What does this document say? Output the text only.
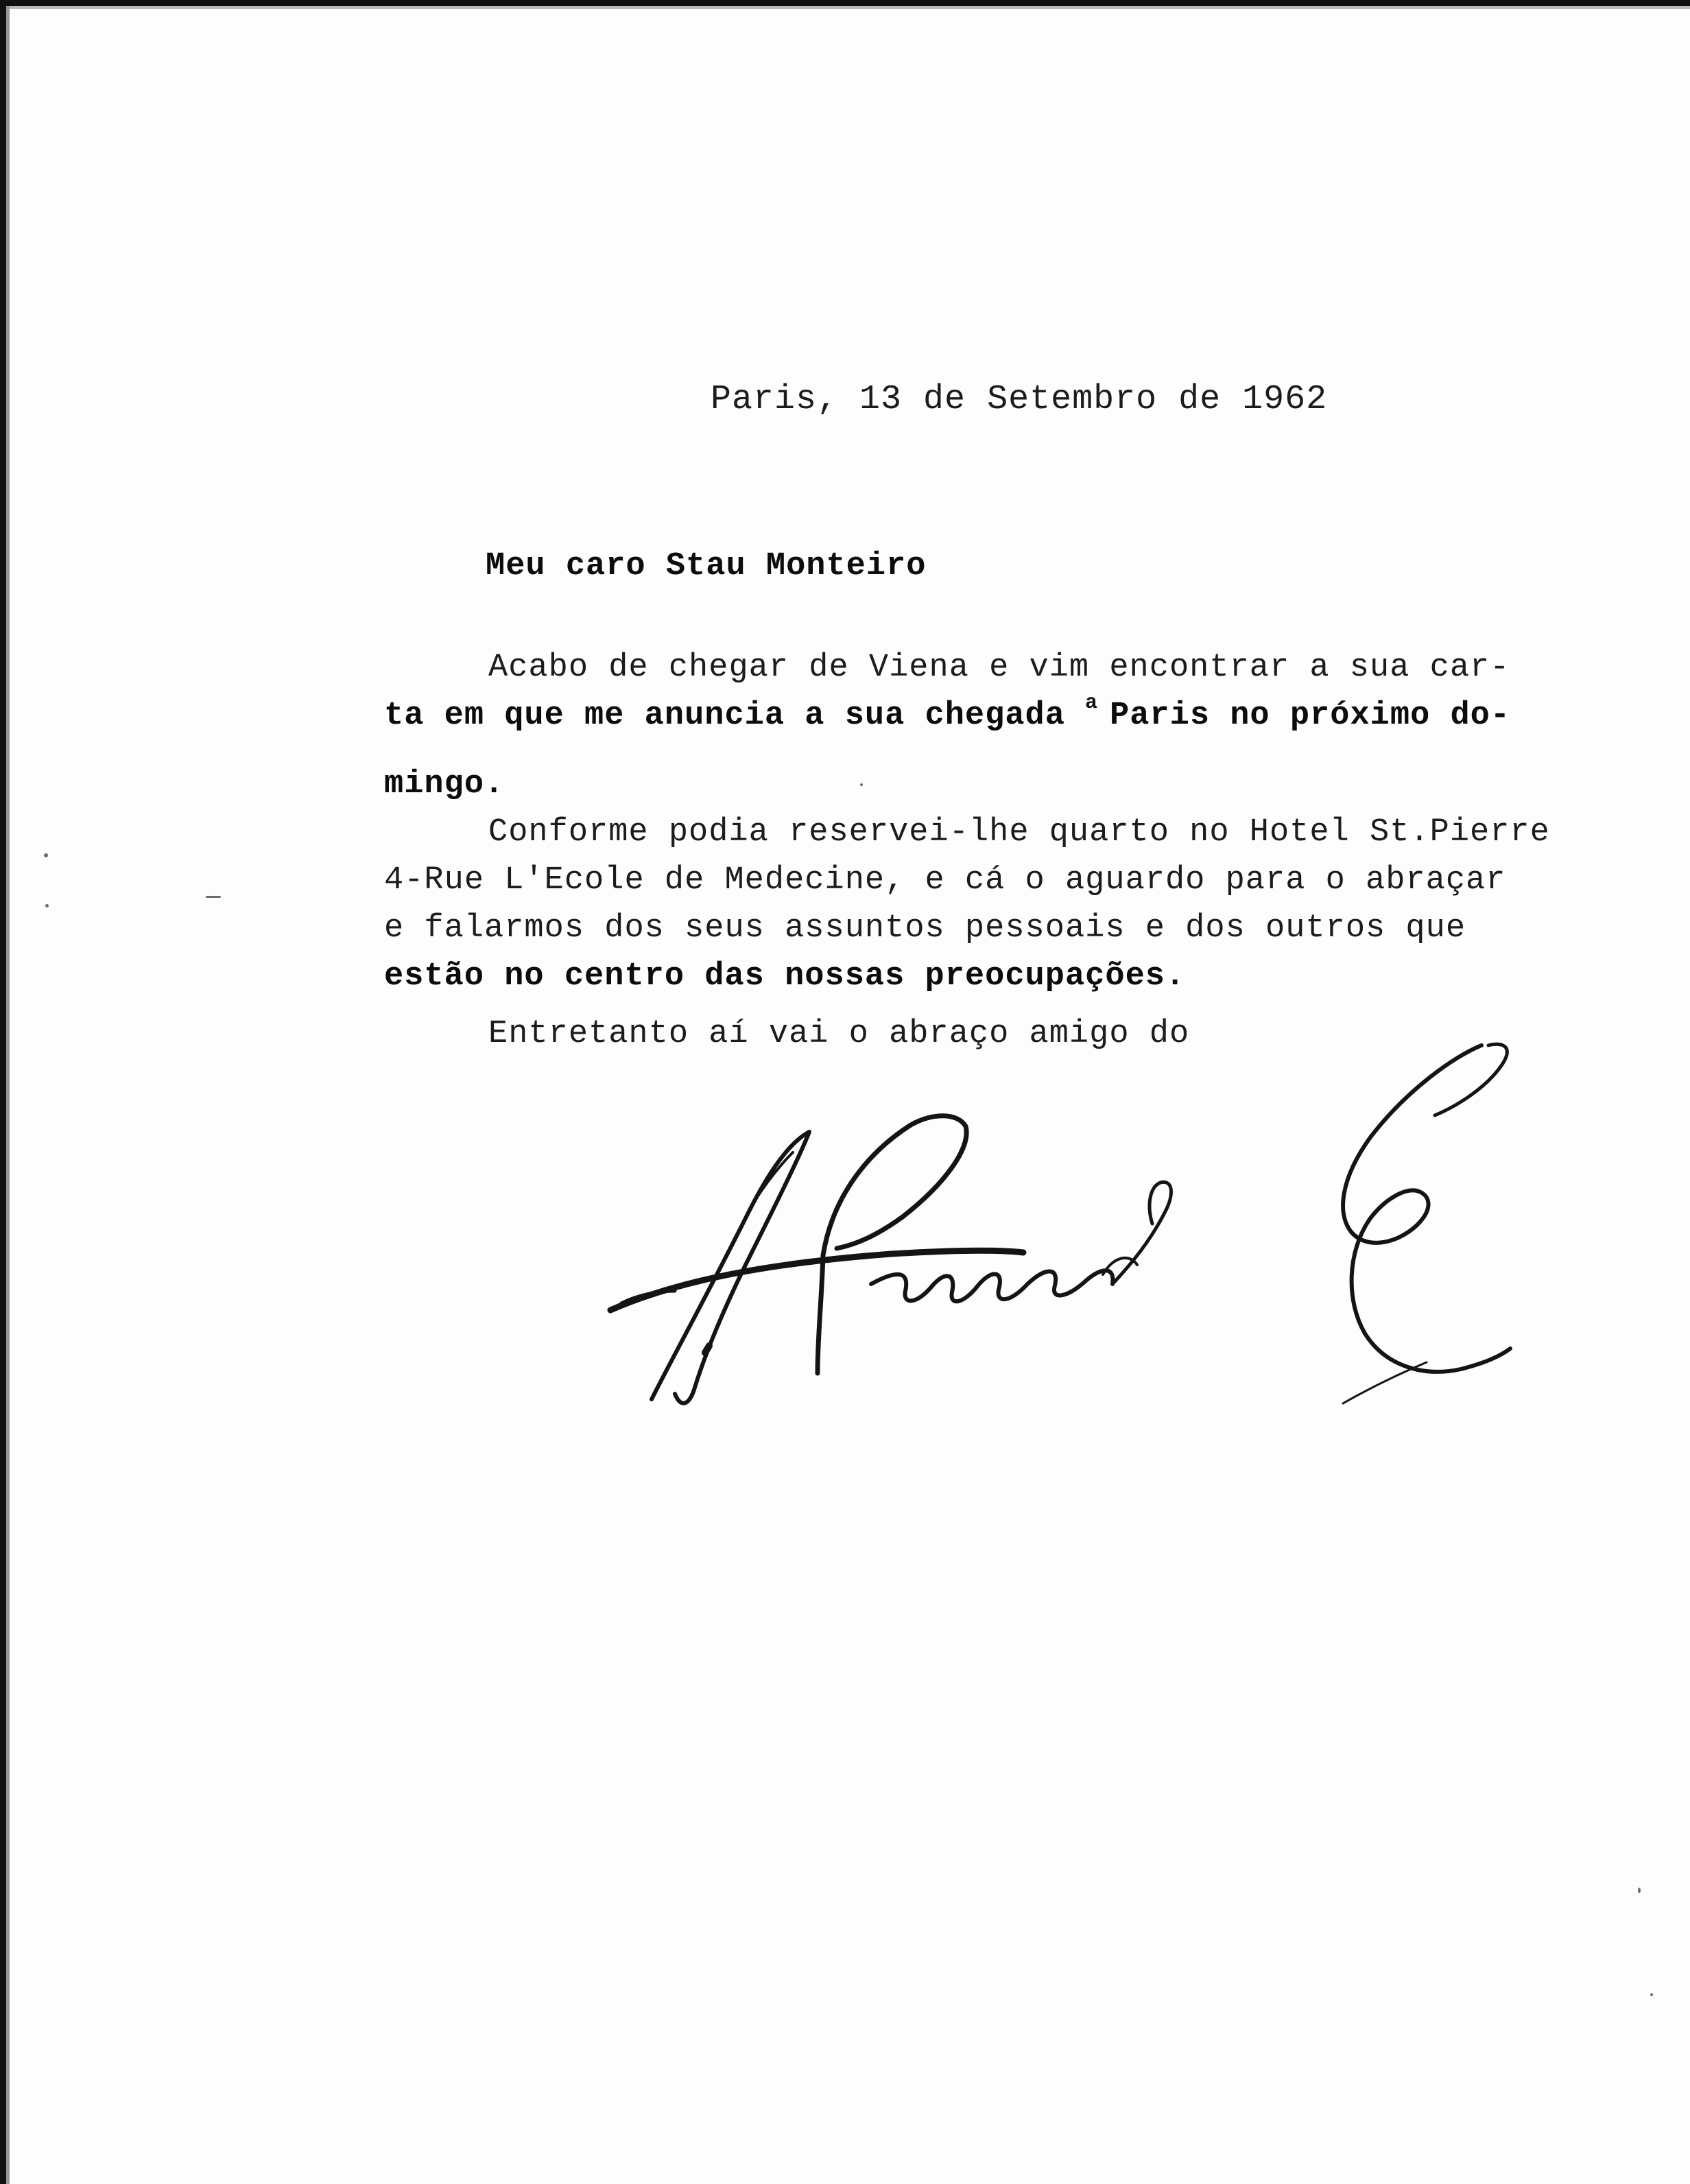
Paris, 13 de Setembro de 1962

Meu caro Stau Monteiro

Acabo de chegar de Viena e vim encontrar a sua car-

ta em que me anuncia a sua chegada a Paris no próximo do-

mingo.

Conforme podia reservei-lhe quarto no Hotel St.Pierre

4-Rue L'Ecole de Medecine, e cá o aguardo para o abraçar

e falarmos dos seus assuntos pessoais e dos outros que

estão no centro das nossas preocupações.

Entretanto aí vai o abraço amigo do
